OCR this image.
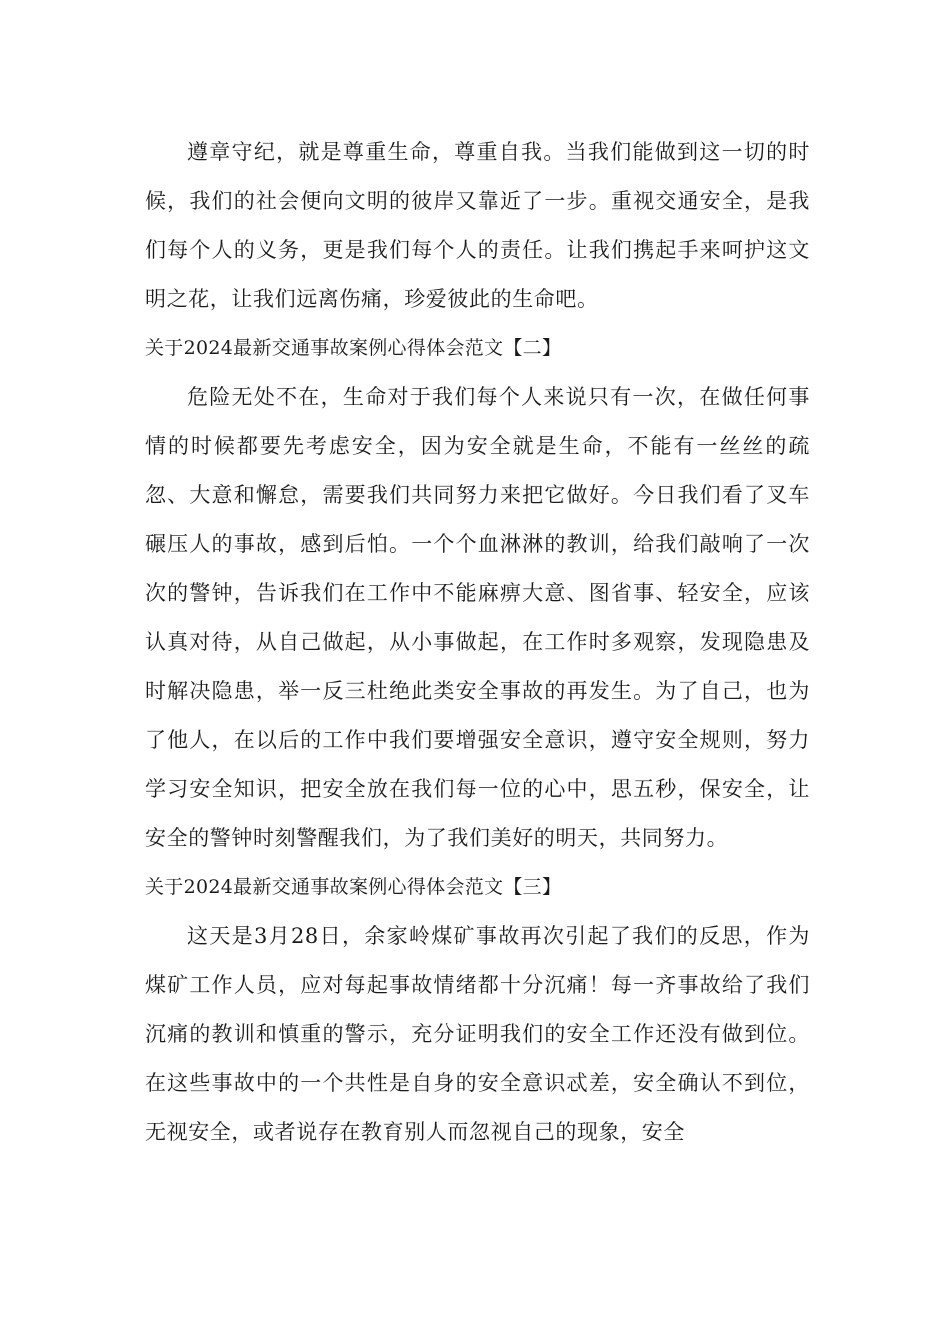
遵章守纪，就是尊重生命，尊重自我。当我们能做到这一切的时候，我们的社会便向文明的彼岸又靠近了一步。重视交通安全，是我们每个人的义务，更是我们每个人的责任。让我们携起手来呵护这文明之花，让我们远离伤痛，珍爱彼此的生命吧。

关于2024最新交通事故案例心得体会范文【二】

危险无处不在，生命对于我们每个人来说只有一次，在做任何事情的时候都要先考虑安全，因为安全就是生命，不能有一丝丝的疏忽、大意和懈怠，需要我们共同努力来把它做好。今日我们看了叉车碾压人的事故，感到后怕。一个个血淋淋的教训，给我们敲响了一次次的警钟，告诉我们在工作中不能麻痹大意、图省事、轻安全，应该认真对待，从自己做起，从小事做起，在工作时多观察，发现隐患及时解决隐患，举一反三杜绝此类安全事故的再发生。为了自己，也为了他人，在以后的工作中我们要增强安全意识，遵守安全规则，努力学习安全知识，把安全放在我们每一位的心中，思五秒，保安全，让安全的警钟时刻警醒我们，为了我们美好的明天，共同努力。

关于2024最新交通事故案例心得体会范文【三】

这天是3月28日，余家岭煤矿事故再次引起了我们的反思，作为煤矿工作人员，应对每起事故情绪都十分沉痛！每一齐事故给了我们沉痛的教训和慎重的警示，充分证明我们的安全工作还没有做到位。在这些事故中的一个共性是自身的安全意识忒差，安全确认不到位，无视安全，或者说存在教育别人而忽视自己的现象，安全
